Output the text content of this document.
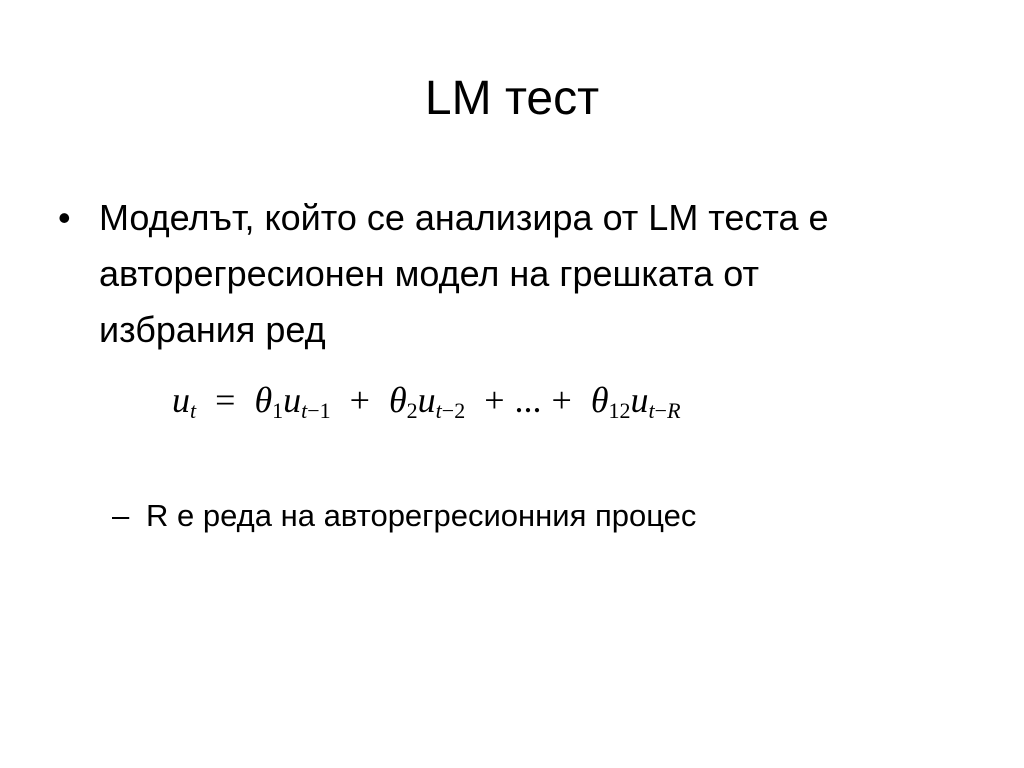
LM тест
• Моделът, който се анализира от LM теста е авторегресионен модел на грешката от избрания ред
$u_t = \theta_1u_{t-1} + \theta_2u_{t-2}$ + ... + $\theta_{12}u_{t-R}$
– R е реда на авторегресионния процес
